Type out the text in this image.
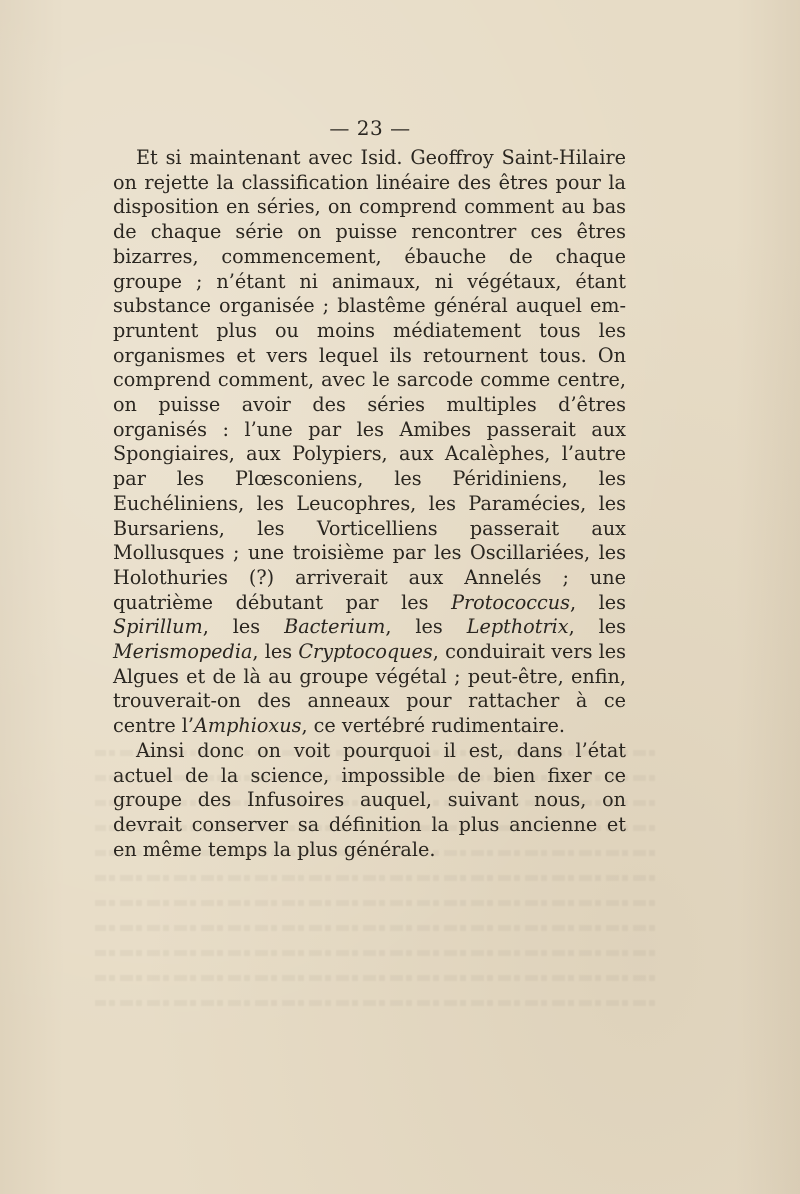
— 23 —

Et si maintenant avec Isid. Geoffroy Saint-Hilaire on rejette la classification linéaire des êtres pour la disposition en séries, on comprend comment au bas de chaque série on puisse rencontrer ces êtres bizarres, commencement, ébauche de chaque groupe ; n’étant ni animaux, ni végétaux, étant substance organisée ; blastême général auquel empruntent plus ou moins médiatement tous les organismes et vers lequel ils retournent tous. On comprend comment, avec le sarcode comme centre, on puisse avoir des séries multiples d’êtres organisés : l’une par les Amibes passerait aux Spongiaires, aux Polypiers, aux Acalèphes, l’autre par les Plœsconiens, les Péridiniens, les Euchéliniens, les Leucophres, les Paramécies, les Bursariens, les Vorticelliens passerait aux Mollusques ; une troisième par les Oscillariées, les Holothuries (?) arriverait aux Annelés ; une quatrième débutant par les Protococcus, les Spirillum, les Bacterium, les Lepthotrix, les Merismopedia, les Cryptocoques, conduirait vers les Algues et de là au groupe végétal ; peut-être, enfin, trouverait-on des anneaux pour rattacher à ce centre l’Amphioxus, ce vertébré rudimentaire.

Ainsi donc on voit pourquoi il est, dans l’état actuel de la science, impossible de bien fixer ce groupe des Infusoires auquel, suivant nous, on devrait conserver sa définition la plus ancienne et en même temps la plus générale.
